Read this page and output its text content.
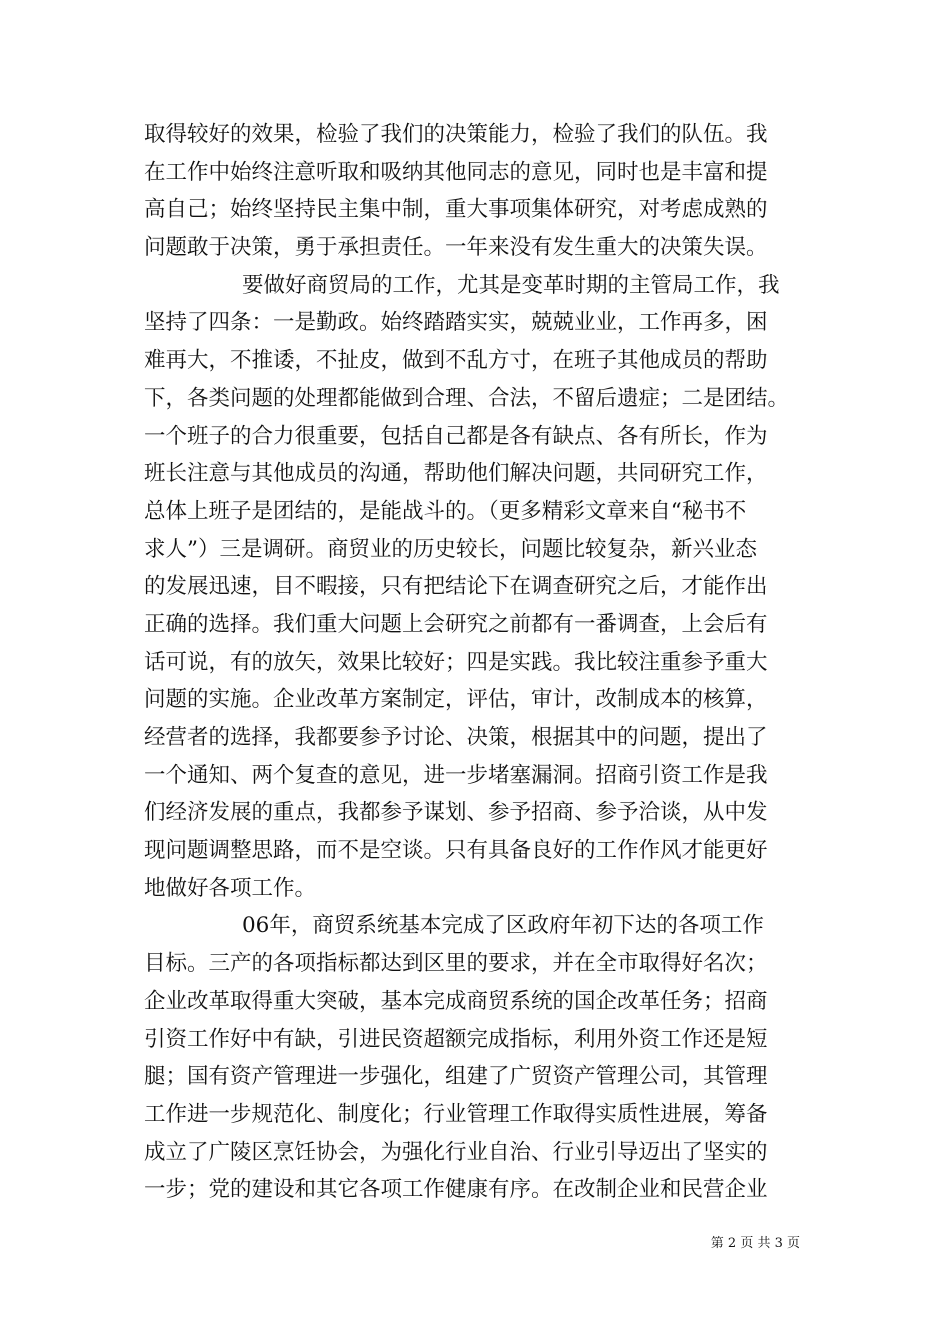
取得较好的效果，检验了我们的决策能力，检验了我们的队伍。我
在工作中始终注意听取和吸纳其他同志的意见，同时也是丰富和提
高自己；始终坚持民主集中制，重大事项集体研究，对考虑成熟的
问题敢于决策，勇于承担责任。一年来没有发生重大的决策失误。
要做好商贸局的工作，尤其是变革时期的主管局工作，我
坚持了四条：一是勤政。始终踏踏实实，兢兢业业，工作再多，困
难再大，不推诿，不扯皮，做到不乱方寸，在班子其他成员的帮助
下，各类问题的处理都能做到合理、合法，不留后遗症；二是团结。
一个班子的合力很重要，包括自己都是各有缺点、各有所长，作为
班长注意与其他成员的沟通，帮助他们解决问题，共同研究工作，
总体上班子是团结的，是能战斗的。（更多精彩文章来自“秘书不
求人”）三是调研。商贸业的历史较长，问题比较复杂，新兴业态
的发展迅速，目不暇接，只有把结论下在调查研究之后，才能作出
正确的选择。我们重大问题上会研究之前都有一番调查，上会后有
话可说，有的放矢，效果比较好；四是实践。我比较注重参予重大
问题的实施。企业改革方案制定，评估，审计，改制成本的核算，
经营者的选择，我都要参予讨论、决策，根据其中的问题，提出了
一个通知、两个复查的意见，进一步堵塞漏洞。招商引资工作是我
们经济发展的重点，我都参予谋划、参予招商、参予洽谈，从中发
现问题调整思路，而不是空谈。只有具备良好的工作作风才能更好
地做好各项工作。
06年，商贸系统基本完成了区政府年初下达的各项工作
目标。三产的各项指标都达到区里的要求，并在全市取得好名次；
企业改革取得重大突破，基本完成商贸系统的国企改革任务；招商
引资工作好中有缺，引进民资超额完成指标，利用外资工作还是短
腿；国有资产管理进一步强化，组建了广贸资产管理公司，其管理
工作进一步规范化、制度化；行业管理工作取得实质性进展，筹备
成立了广陵区烹饪协会，为强化行业自治、行业引导迈出了坚实的
一步；党的建设和其它各项工作健康有序。在改制企业和民营企业
第 2 页 共 3 页
